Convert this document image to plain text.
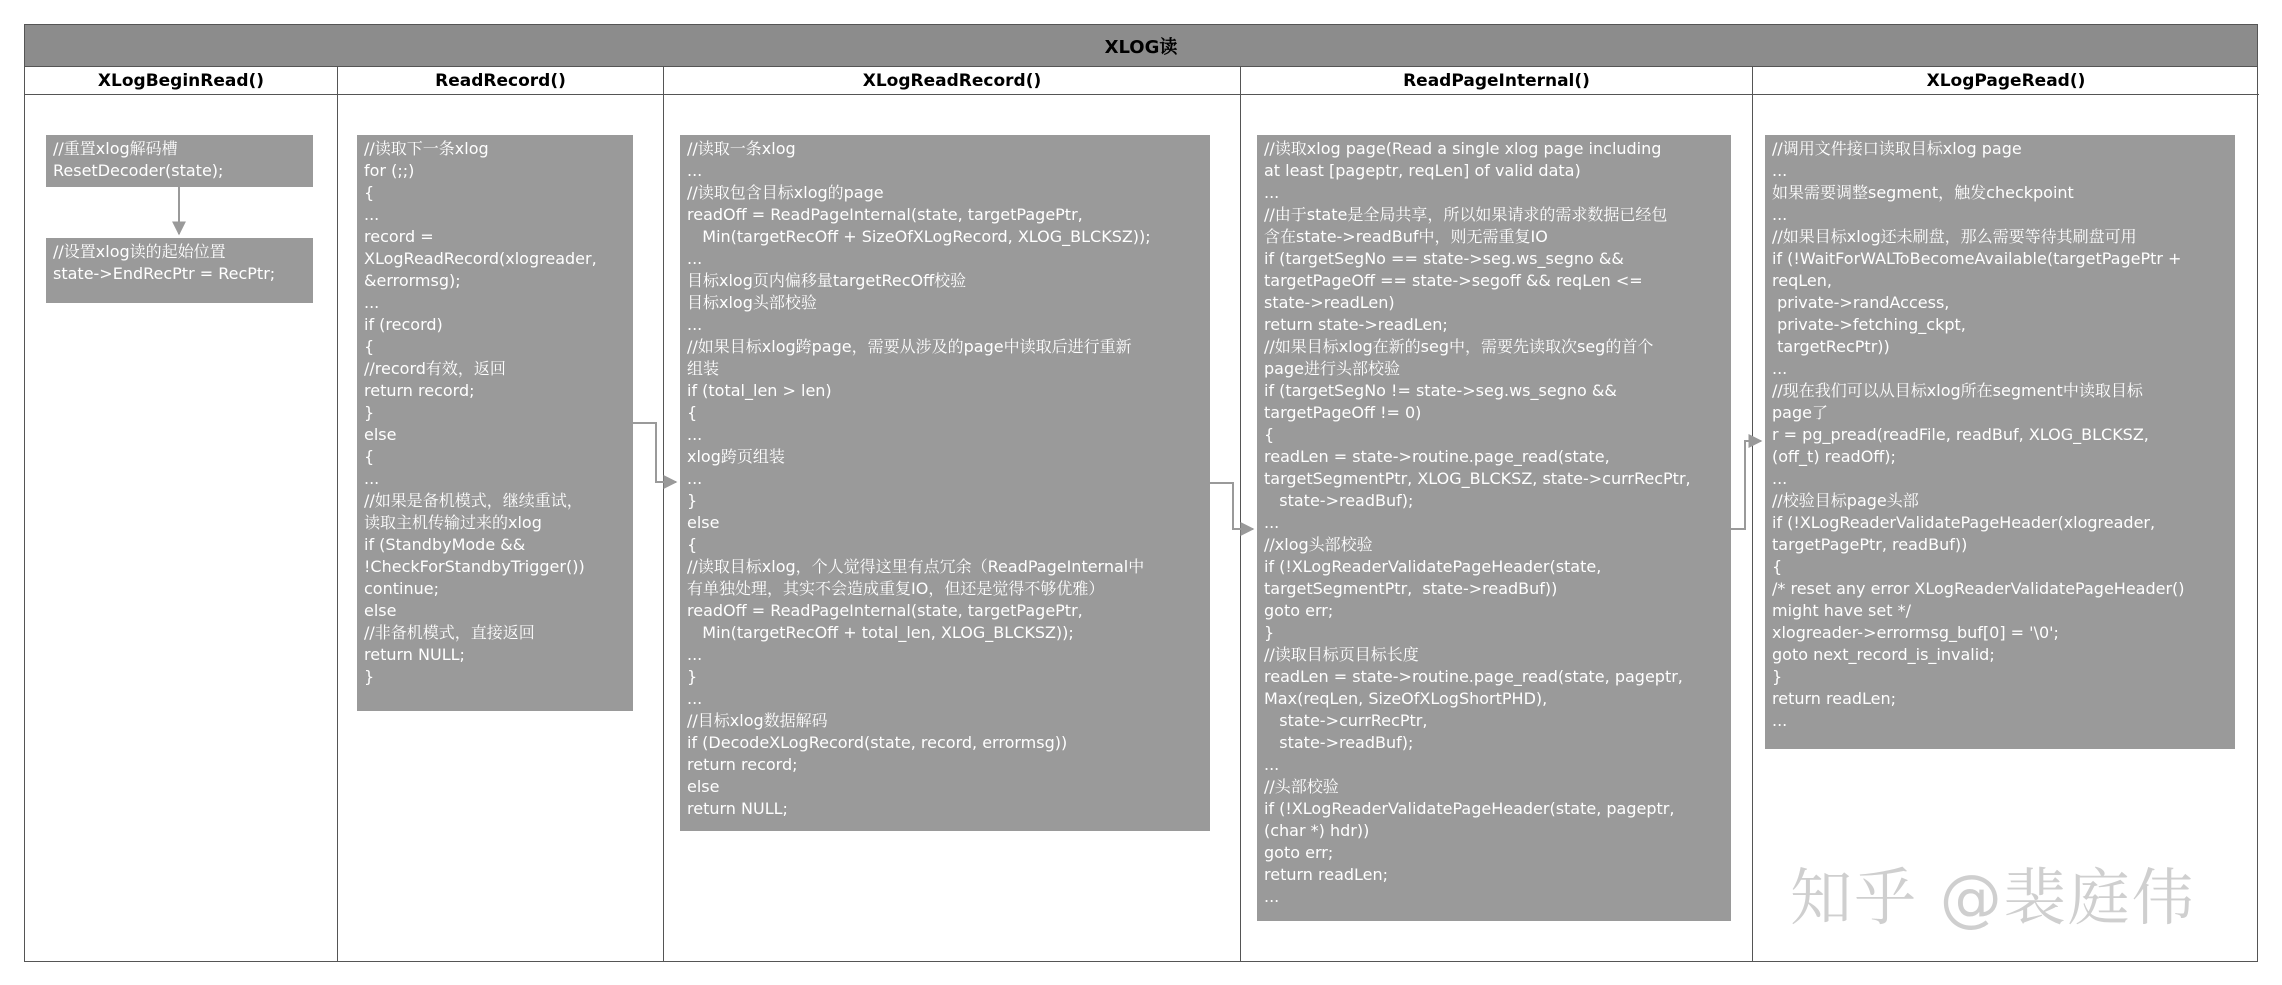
XLOG读
XLogBeginRead()	ReadRecord()	XLogReadRecord()	ReadPageInternal()	XLogPageRead()
//重置xlog解码槽
ResetDecoder(state);
//设置xlog读的起始位置
state->EndRecPtr = RecPtr;
//读取下一条xlog
for (;;)
{
...
record =
XLogReadRecord(xlogreader,
&errormsg);
...
if (record)
{
//record有效，返回
return record;
}
else
{
...
//如果是备机模式，继续重试，
读取主机传输过来的xlog
if (StandbyMode &&
!CheckForStandbyTrigger())
continue;
else
//非备机模式，直接返回
return NULL;
}
//读取一条xlog
...
//读取包含目标xlog的page
readOff = ReadPageInternal(state, targetPagePtr,
Min(targetRecOff + SizeOfXLogRecord, XLOG_BLCKSZ));
...
目标xlog页内偏移量targetRecOff校验
目标xlog头部校验
...
//如果目标xlog跨page，需要从涉及的page中读取后进行重新
组装
if (total_len > len)
{
...
xlog跨页组装
...
}
else
{
//读取目标xlog，个人觉得这里有点冗余（ReadPageInternal中
有单独处理，其实不会造成重复IO，但还是觉得不够优雅）
readOff = ReadPageInternal(state, targetPagePtr,
Min(targetRecOff + total_len, XLOG_BLCKSZ));
...
}
...
//目标xlog数据解码
if (DecodeXLogRecord(state, record, errormsg))
return record;
else
return NULL;
//读取xlog page(Read a single xlog page including
at least [pageptr, reqLen] of valid data)
...
//由于state是全局共享，所以如果请求的需求数据已经包
含在state->readBuf中，则无需重复IO
if (targetSegNo == state->seg.ws_segno &&
targetPageOff == state->segoff && reqLen <=
state->readLen)
return state->readLen;
//如果目标xlog在新的seg中，需要先读取次seg的首个
page进行头部校验
if (targetSegNo != state->seg.ws_segno &&
targetPageOff != 0)
{
readLen = state->routine.page_read(state,
targetSegmentPtr, XLOG_BLCKSZ, state->currRecPtr,
state->readBuf);
...
//xlog头部校验
if (!XLogReaderValidatePageHeader(state,
targetSegmentPtr,  state->readBuf))
goto err;
}
//读取目标页目标长度
readLen = state->routine.page_read(state, pageptr,
Max(reqLen, SizeOfXLogShortPHD),
state->currRecPtr,
state->readBuf);
...
//头部校验
if (!XLogReaderValidatePageHeader(state, pageptr,
(char *) hdr))
goto err;
return readLen;
...
//调用文件接口读取目标xlog page
...
如果需要调整segment，触发checkpoint
...
//如果目标xlog还未刷盘，那么需要等待其刷盘可用
if (!WaitForWALToBecomeAvailable(targetPagePtr +
reqLen,
private->randAccess,
private->fetching_ckpt,
targetRecPtr))
...
//现在我们可以从目标xlog所在segment中读取目标
page了
r = pg_pread(readFile, readBuf, XLOG_BLCKSZ,
(off_t) readOff);
...
//校验目标page头部
if (!XLogReaderValidatePageHeader(xlogreader,
targetPagePtr, readBuf))
{
/* reset any error XLogReaderValidatePageHeader()
might have set */
xlogreader->errormsg_buf[0] = '\0';
goto next_record_is_invalid;
}
return readLen;
...
知乎 @裴庭伟
